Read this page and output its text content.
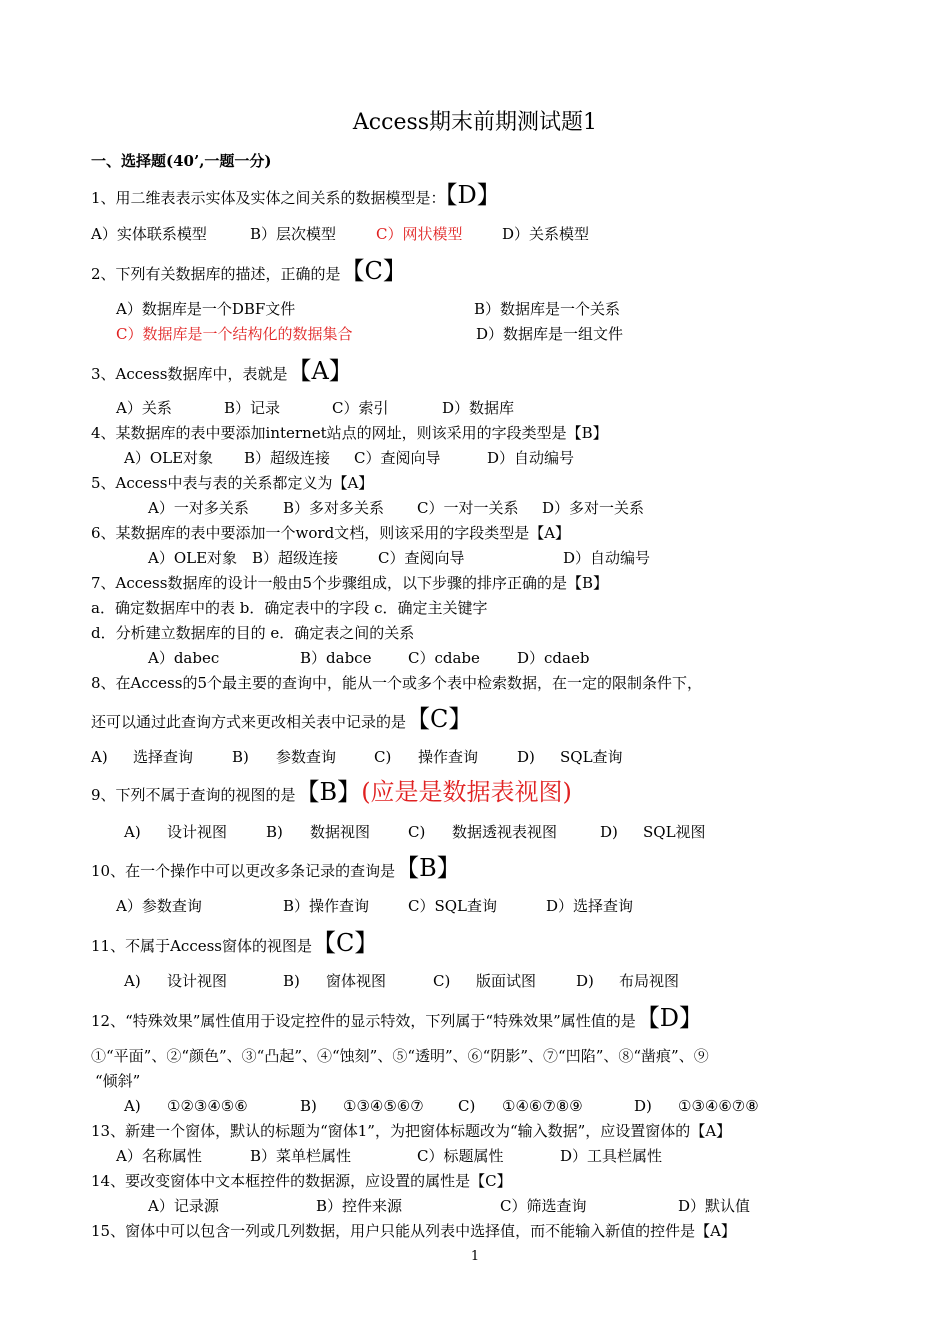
Access期末前期测试题1
一、选择题(40’,一题一分)
1、用二维表表示实体及实体之间关系的数据模型是：【D】
A）实体联系模型	B）层次模型	C）网状模型	D）关系模型
2、下列有关数据库的描述，正确的是【C】
A）数据库是一个DBF文件	B）数据库是一个关系
C）数据库是一个结构化的数据集合	D）数据库是一组文件
3、Access数据库中，表就是【A】
A）关系	B）记录	C）索引	D）数据库
4、某数据库的表中要添加internet站点的网址，则该采用的字段类型是【B】
A）OLE对象 B）超级连接 C）查阅向导	D）自动编号
5、Access中表与表的关系都定义为【A】
A）一对多关系 B）多对多关系 C）一对一关系 D）多对一关系
6、某数据库的表中要添加一个word文档，则该采用的字段类型是【A】
A）OLE对象 B）超级连接	C）查阅向导	D）自动编号
7、Access数据库的设计一般由5个步骤组成，以下步骤的排序正确的是【B】
a．确定数据库中的表 b．确定表中的字段 c．确定主关键字
d．分析建立数据库的目的 e．确定表之间的关系
A）dabec	B）dabce C）cdabe D）cdaeb
8、在Access的5个最主要的查询中，能从一个或多个表中检索数据，在一定的限制条件下，
还可以通过此查询方式来更改相关表中记录的是【C】
A) 选择查询	B) 参数查询	C) 操作查询	D) SQL查询
9、下列不属于查询的视图的是【B】(应是是数据表视图)
A) 设计视图	B) 数据视图	C) 数据透视表视图	D) SQL视图
10、在一个操作中可以更改多条记录的查询是【B】
A）参数查询	B）操作查询	C）SQL查询	D）选择查询
11、不属于Access窗体的视图是【C】
A) 设计视图	B) 窗体视图	C) 版面试图	D) 布局视图
12、“特殊效果”属性值用于设定控件的显示特效，下列属于“特殊效果”属性值的是【D】
①“平面”、②“颜色”、③“凸起”、④“蚀刻”、⑤“透明”、⑥“阴影”、⑦“凹陷”、⑧“凿痕”、⑨
“倾斜”
A) ①②③④⑤⑥	B) ①③④⑤⑥⑦ C) ①④⑥⑦⑧⑨	D) ①③④⑥⑦⑧
13、新建一个窗体，默认的标题为“窗体1”，为把窗体标题改为“输入数据”，应设置窗体的【A】
A）名称属性	B）菜单栏属性	C）标题属性	D）工具栏属性
14、要改变窗体中文本框控件的数据源，应设置的属性是【C】
A）记录源	B）控件来源	C）筛选查询	D）默认值
15、窗体中可以包含一列或几列数据，用户只能从列表中选择值，而不能输入新值的控件是【A】
1
